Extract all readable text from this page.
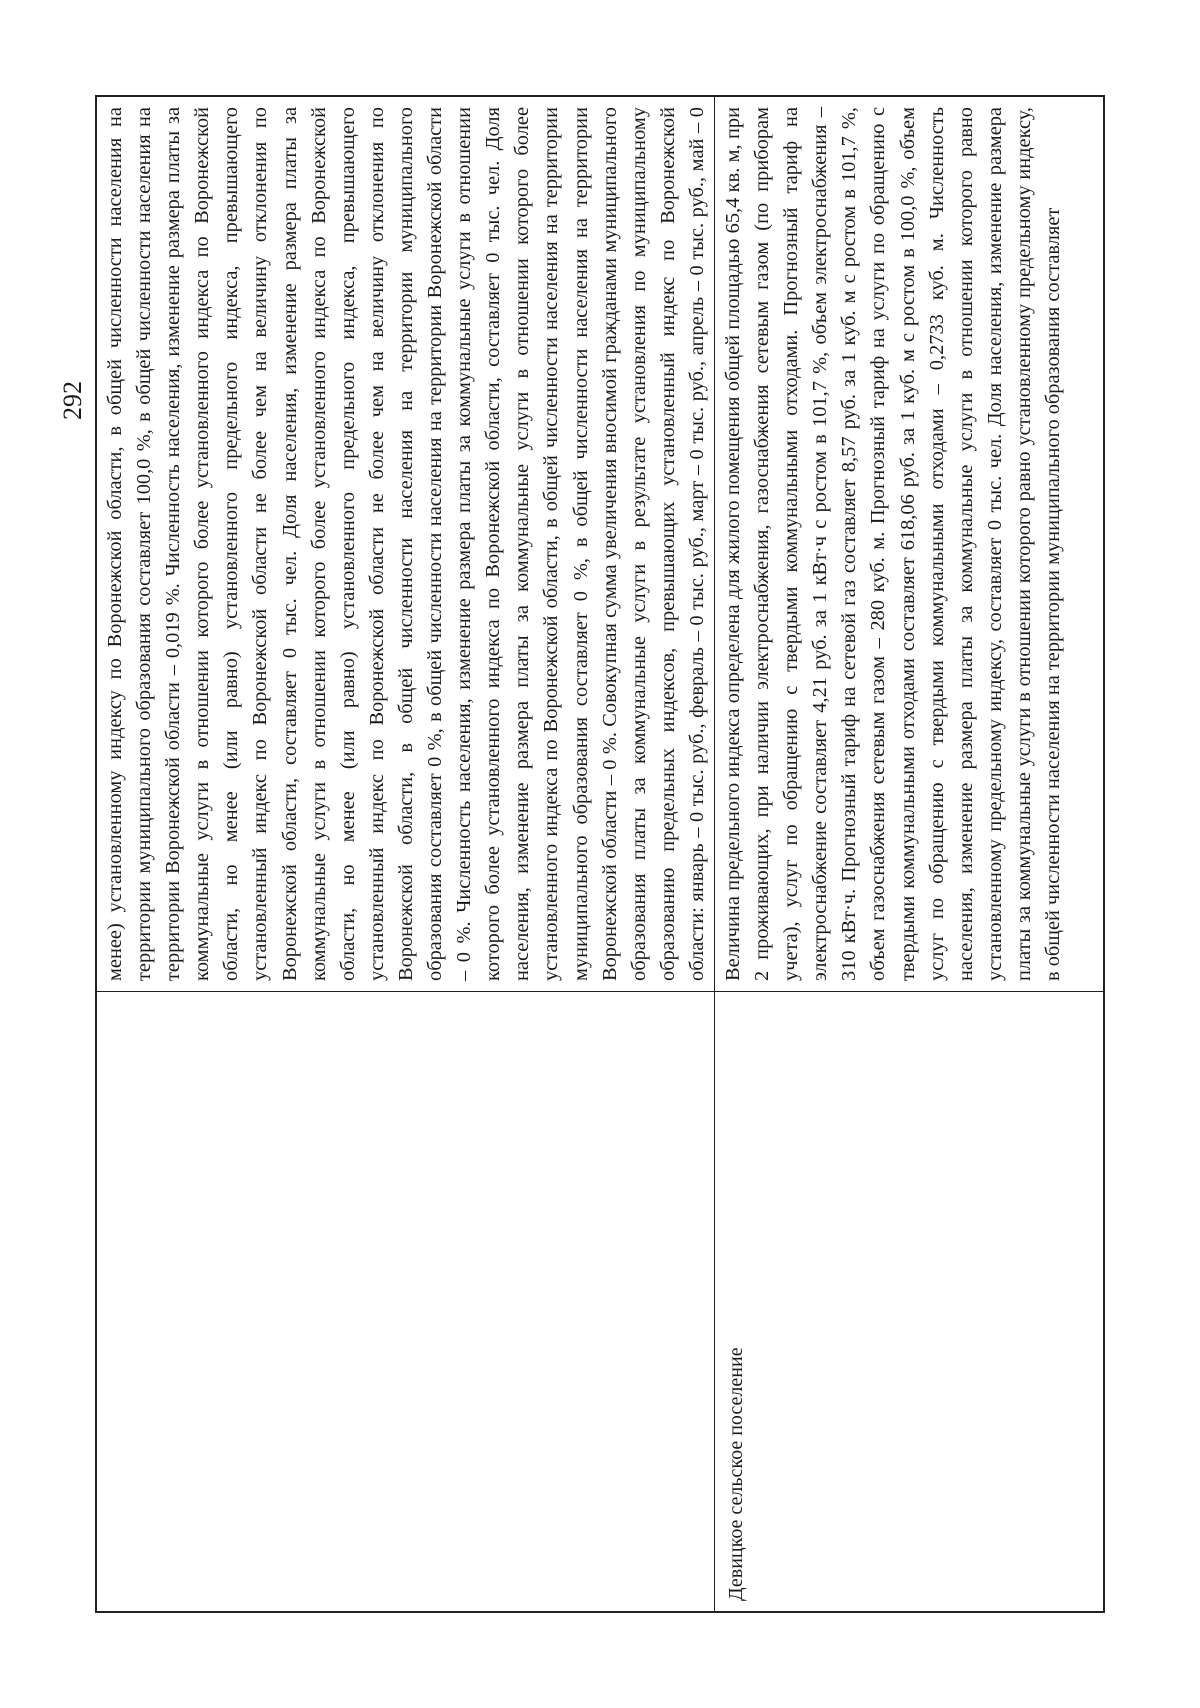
292
менее) установленному индексу по Воронежской области, в общей численности населения на территории муниципального образования составляет 100,0 %, в общей численности населения на территории Воронежской области – 0,019 %. Численность населения, изменение размера платы за коммунальные услуги в отношении которого более установленного индекса по Воронежской области, но менее (или равно) установленного предельного индекса, превышающего установленный индекс по Воронежской области не более чем на величину отклонения по Воронежской области, составляет 0 тыс. чел. Доля населения, изменение размера платы за коммунальные услуги в отношении которого более установленного индекса по Воронежской области, но менее (или равно) установленного предельного индекса, превышающего установленный индекс по Воронежской области не более чем на величину отклонения по Воронежской области, в общей численности населения на территории муниципального образования составляет 0 %, в общей численности населения на территории Воронежской области – 0 %. Численность населения, изменение размера платы за коммунальные услуги в отношении которого более установленного индекса по Воронежской области, составляет 0 тыс. чел. Доля населения, изменение размера платы за коммунальные услуги в отношении которого более установленного индекса по Воронежской области, в общей численности населения на территории муниципального образования составляет 0 %, в общей численности населения на территории Воронежской области – 0 %. Совокупная сумма увеличения вносимой гражданами муниципального образования платы за коммунальные услуги в результате установления по муниципальному образованию предельных индексов, превышающих установленный индекс по Воронежской области: январь – 0 тыс. руб., февраль – 0 тыс. руб., март – 0 тыс. руб., апрель – 0 тыс. руб., май – 0
Девицкое сельское поселение
Величина предельного индекса определена для жилого помещения общей площадью 65,4 кв. м, при 2 проживающих, при наличии электроснабжения, газоснабжения сетевым газом (по приборам учета), услуг по обращению с твердыми коммунальными отходами. Прогнозный тариф на электроснабжение составляет 4,21 руб. за 1 кВт·ч с ростом в 101,7 %, объем электроснабжения – 310 кВт·ч. Прогнозный тариф на сетевой газ составляет 8,57 руб. за 1 куб. м с ростом в 101,7 %, объем газоснабжения сетевым газом – 280 куб. м. Прогнозный тариф на услуги по обращению с твердыми коммунальными отходами составляет 618,06 руб. за 1 куб. м с ростом в 100,0 %, объем услуг по обращению с твердыми коммунальными отходами – 0,2733 куб. м. Численность населения, изменение размера платы за коммунальные услуги в отношении которого равно установленному предельному индексу, составляет 0 тыс. чел. Доля населения, изменение размера платы за коммунальные услуги в отношении которого равно установленному предельному индексу, в общей численности населения на территории муниципального образования составляет
